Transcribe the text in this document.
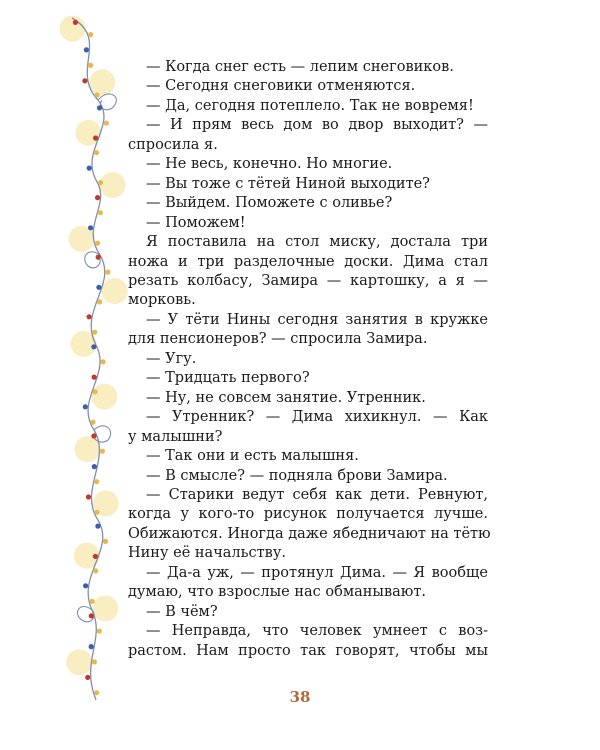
— Когда снег есть — лепим снеговиков.
— Сегодня снеговики отменяются.
— Да, сегодня потеплело. Так не вовремя!
— И прям весь дом во двор выходит? —
спросила я.
— Не весь, конечно. Но многие.
— Вы тоже с тётей Ниной выходите?
— Выйдем. Поможете с оливье?
— Поможем!
Я поставила на стол миску, достала три
ножа и три разделочные доски. Дима стал
резать колбасу, Замира — картошку, а я —
морковь.
— У тёти Нины сегодня занятия в кружке
для пенсионеров? — спросила Замира.
— Угу.
— Тридцать первого?
— Ну, не совсем занятие. Утренник.
— Утренник? — Дима хихикнул. — Как
у малышни?
— Так они и есть малышня.
— В смысле? — подняла брови Замира.
— Старики ведут себя как дети. Ревнуют,
когда у кого-то рисунок получается лучше.
Обижаются. Иногда даже ябедничают на тётю
Нину её начальству.
— Да-а уж, — протянул Дима. — Я вообще
думаю, что взрослые нас обманывают.
— В чём?
— Неправда, что человек умнеет с воз-
растом. Нам просто так говорят, чтобы мы
38
